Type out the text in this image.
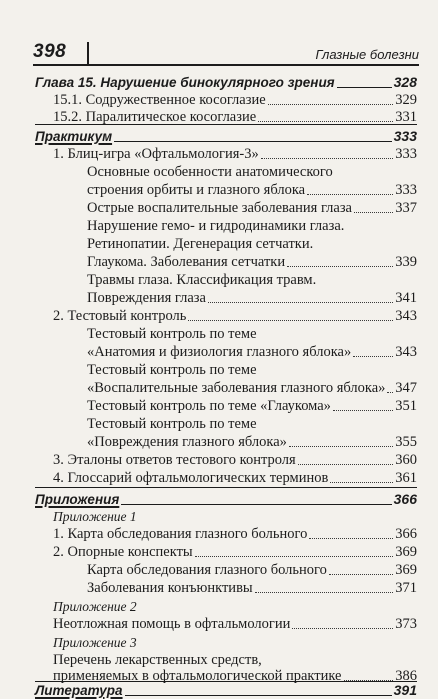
398	Глазные болезни
Глава 15. Нарушение бинокулярного зрения	328
15.1. Содружественное косоглазие	329
15.2. Паралитическое косоглазие	331
Практикум	333
1. Блиц-игра «Офтальмология-3»	333
Основные особенности анатомического
строения орбиты и глазного яблока	333
Острые воспалительные заболевания глаза	337
Нарушение гемо- и гидродинамики глаза.
Ретинопатии. Дегенерация сетчатки.
Глаукома. Заболевания сетчатки	339
Травмы глаза. Классификация травм.
Повреждения глаза	341
2. Тестовый контроль	343
Тестовый контроль по теме
«Анатомия и физиология глазного яблока»	343
Тестовый контроль по теме
«Воспалительные заболевания глазного яблока» 347
Тестовый контроль по теме «Глаукома»	351
Тестовый контроль по теме
«Повреждения глазного яблока»	355
3. Эталоны ответов тестового контроля	360
4. Глоссарий офтальмологических терминов	361
Приложения	366
Приложение 1
1. Карта обследования глазного больного	366
2. Опорные конспекты	369
Карта обследования глазного больного	369
Заболевания конъюнктивы	371
Приложение 2
Неотложная помощь в офтальмологии	373
Приложение 3
Перечень лекарственных средств,
применяемых в офтальмологической практике	386
Литература	391
